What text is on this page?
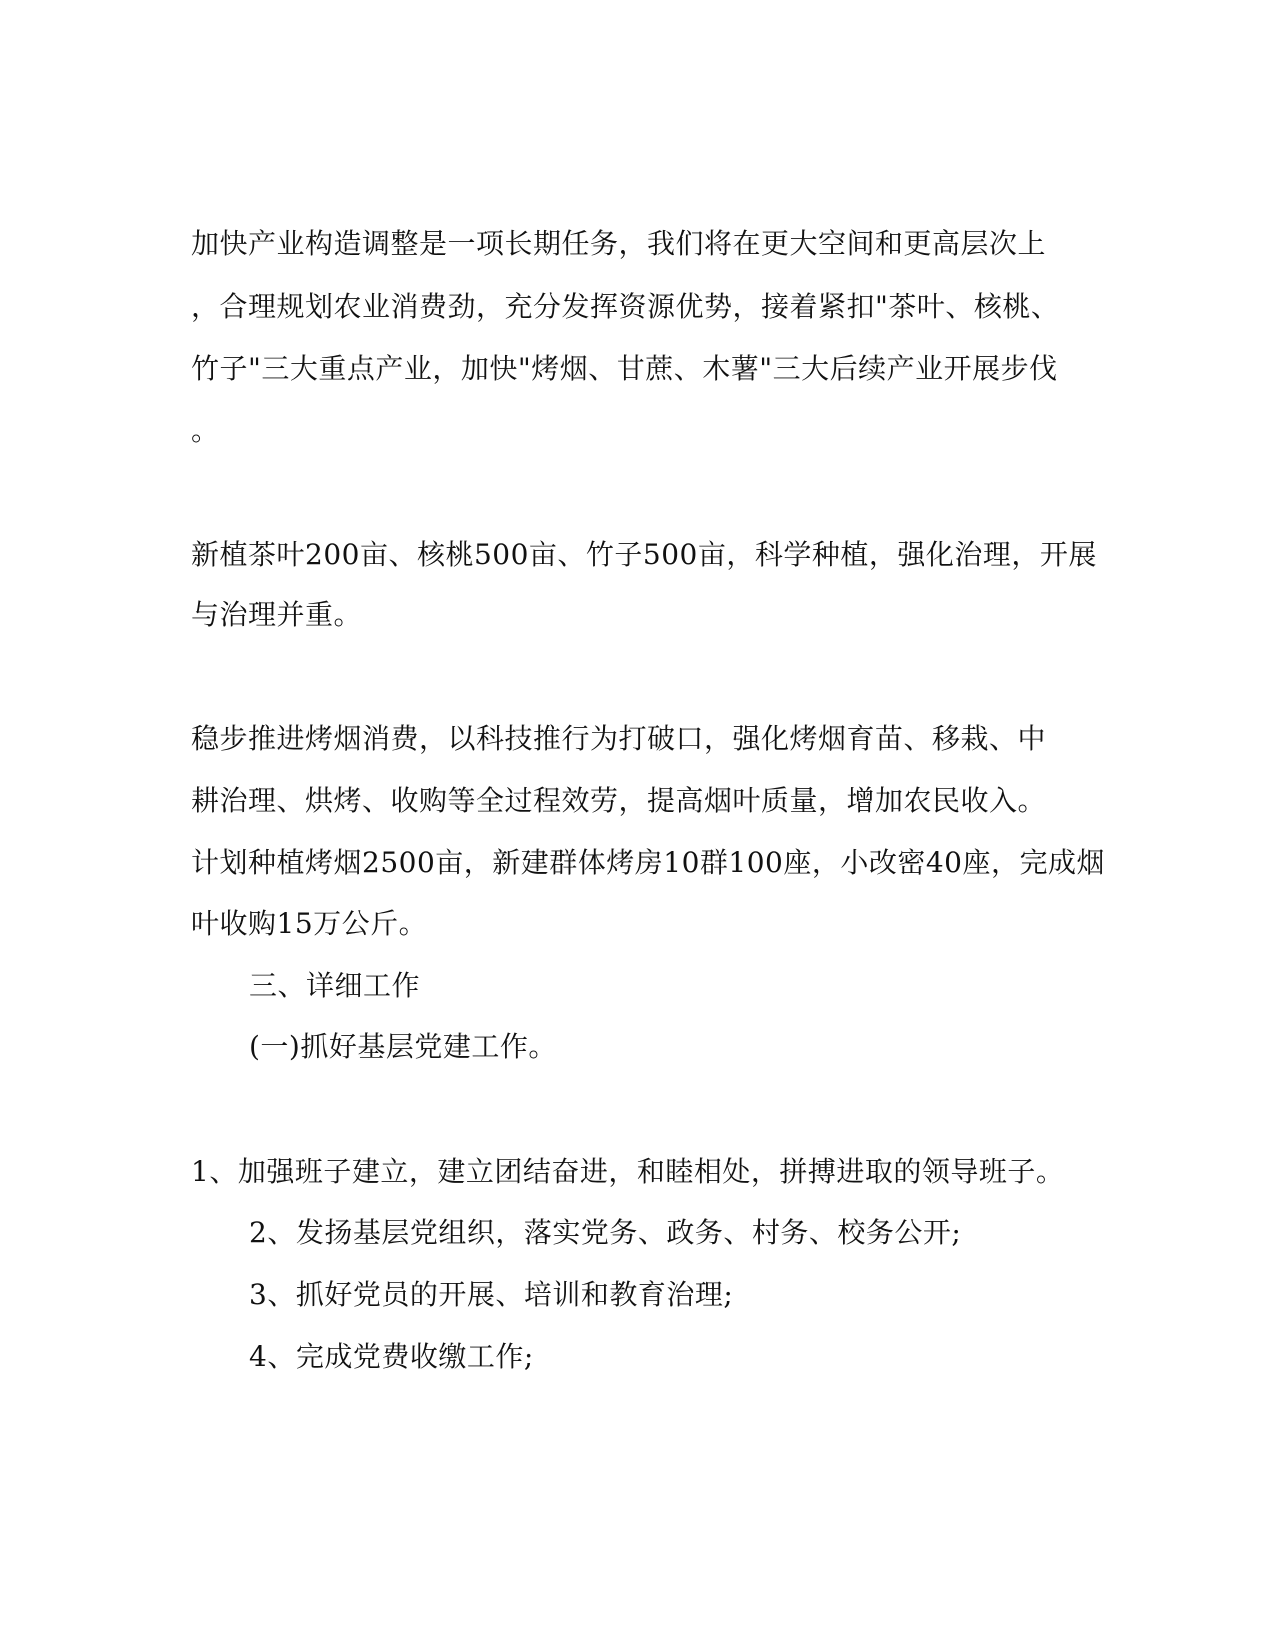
加快产业构造调整是一项长期任务，我们将在更大空间和更高层次上
，合理规划农业消费劲，充分发挥资源优势，接着紧扣"茶叶、核桃、
竹子"三大重点产业，加快"烤烟、甘蔗、木薯"三大后续产业开展步伐
。
新植茶叶200亩、核桃500亩、竹子500亩，科学种植，强化治理，开展
与治理并重。
稳步推进烤烟消费，以科技推行为打破口，强化烤烟育苗、移栽、中
耕治理、烘烤、收购等全过程效劳，提高烟叶质量，增加农民收入。
计划种植烤烟2500亩，新建群体烤房10群100座，小改密40座，完成烟
叶收购15万公斤。
三、详细工作
(一)抓好基层党建工作。
1、加强班子建立，建立团结奋进，和睦相处，拼搏进取的领导班子。
2、发扬基层党组织，落实党务、政务、村务、校务公开;
3、抓好党员的开展、培训和教育治理;
4、完成党费收缴工作;
